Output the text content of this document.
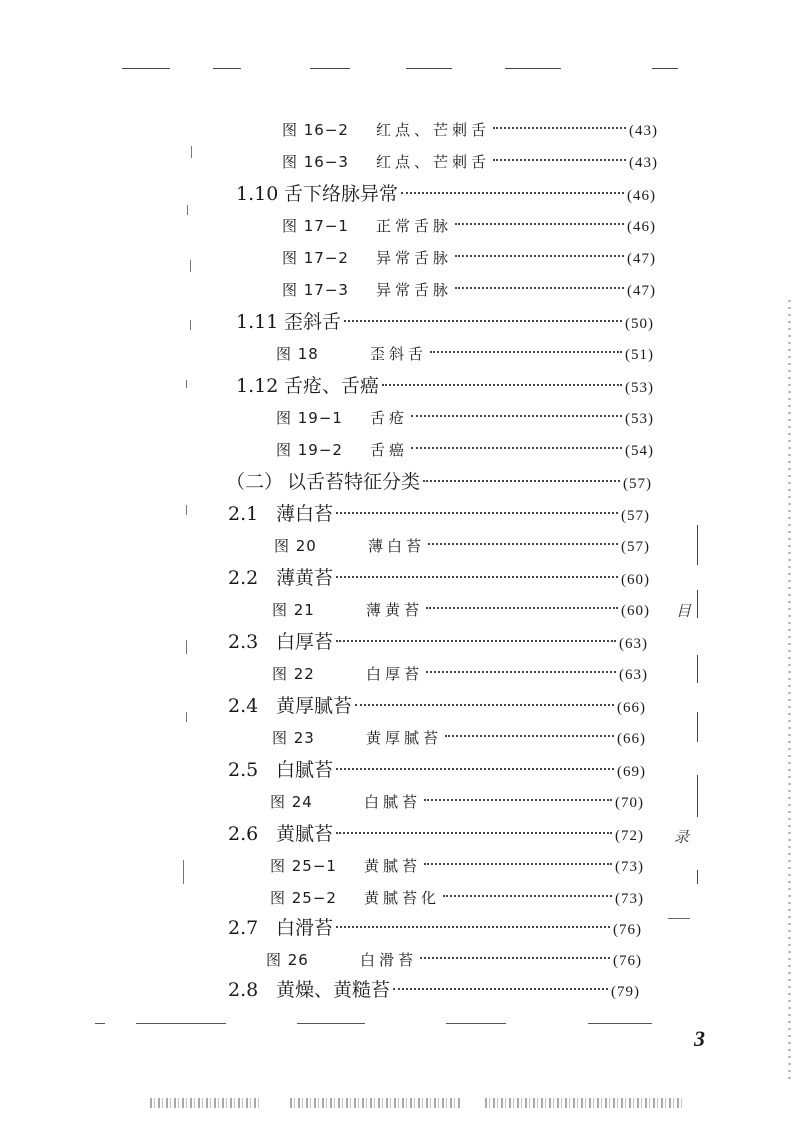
图 16−2	红点、芒刺舌	(43)
图 16−3	红点、芒刺舌	(43)
1.10 舌下络脉异常	(46)
图 17−1	正常舌脉	(46)
图 17−2	异常舌脉	(47)
图 17−3	异常舌脉	(47)
1.11 歪斜舌	(50)
图 18	歪斜舌	(51)
1.12 舌疮、舌癌	(53)
图 19−1	舌疮	(53)
图 19−2	舌癌	(54)
（二） 以舌苔特征分类	(57)
2.1 薄白苔	(57)
图 20	薄白苔	(57)
2.2 薄黄苔	(60)
图 21	薄黄苔	(60)
2.3 白厚苔	(63)
图 22	白厚苔	(63)
2.4 黄厚腻苔	(66)
图 23	黄厚腻苔	(66)
2.5 白腻苔	(69)
图 24	白腻苔	(70)
2.6 黄腻苔	(72)
图 25−1	黄腻苔	(73)
图 25−2	黄腻苔化	(73)
2.7 白滑苔	(76)
图 26	白滑苔	(76)
2.8 黄燥、黄糙苔	(79)
目
录
3
